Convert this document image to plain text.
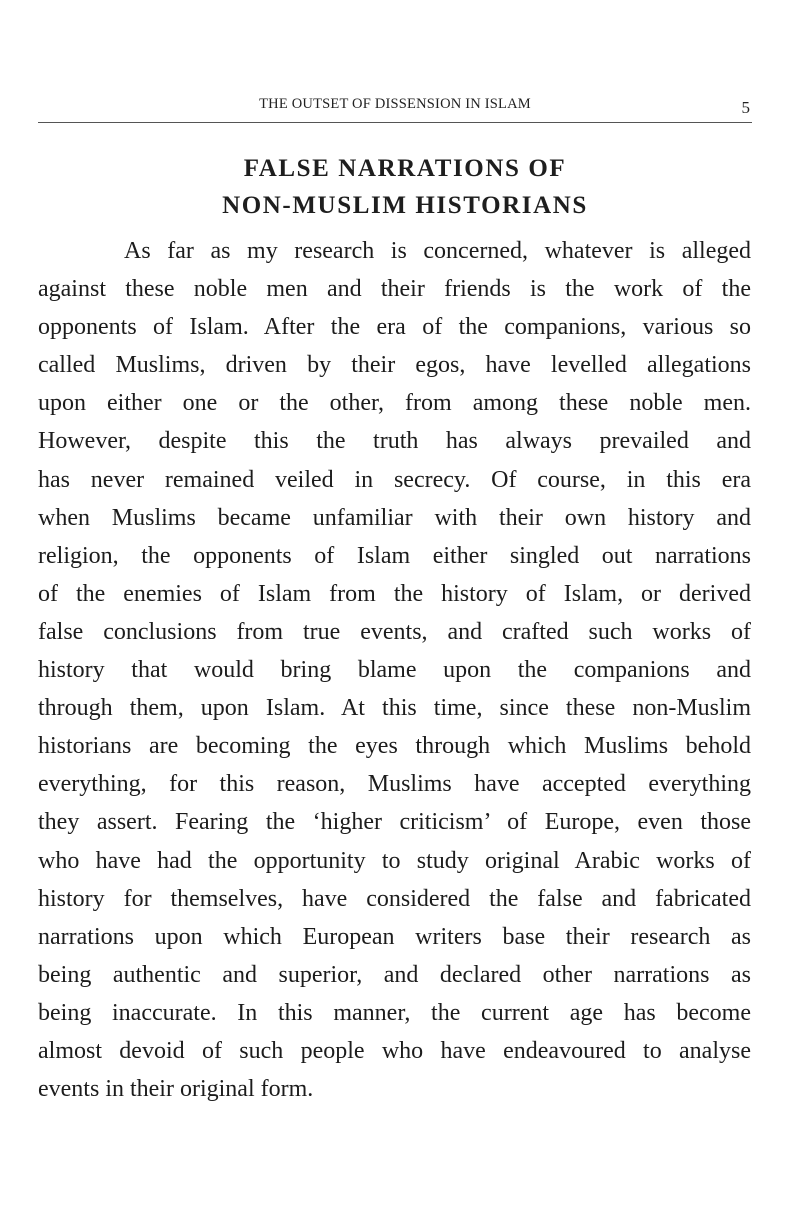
THE OUTSET OF DISSENSION IN ISLAM	5
FALSE NARRATIONS OF
NON-MUSLIM HISTORIANS
As far as my research is concerned, whatever is alleged
against these noble men and their friends is the work of the
opponents of Islam. After the era of the companions, various so
called Muslims, driven by their egos, have levelled allegations
upon either one or the other, from among these noble men.
However, despite this the truth has always prevailed and
has never remained veiled in secrecy. Of course, in this era
when Muslims became unfamiliar with their own history and
religion, the opponents of Islam either singled out narrations
of the enemies of Islam from the history of Islam, or derived
false conclusions from true events, and crafted such works of
history that would bring blame upon the companions and
through them, upon Islam. At this time, since these non-Muslim
historians are becoming the eyes through which Muslims behold
everything, for this reason, Muslims have accepted everything
they assert. Fearing the ‘higher criticism’ of Europe, even those
who have had the opportunity to study original Arabic works of
history for themselves, have considered the false and fabricated
narrations upon which European writers base their research as
being authentic and superior, and declared other narrations as
being inaccurate. In this manner, the current age has become
almost devoid of such people who have endeavoured to analyse
events in their original form.
